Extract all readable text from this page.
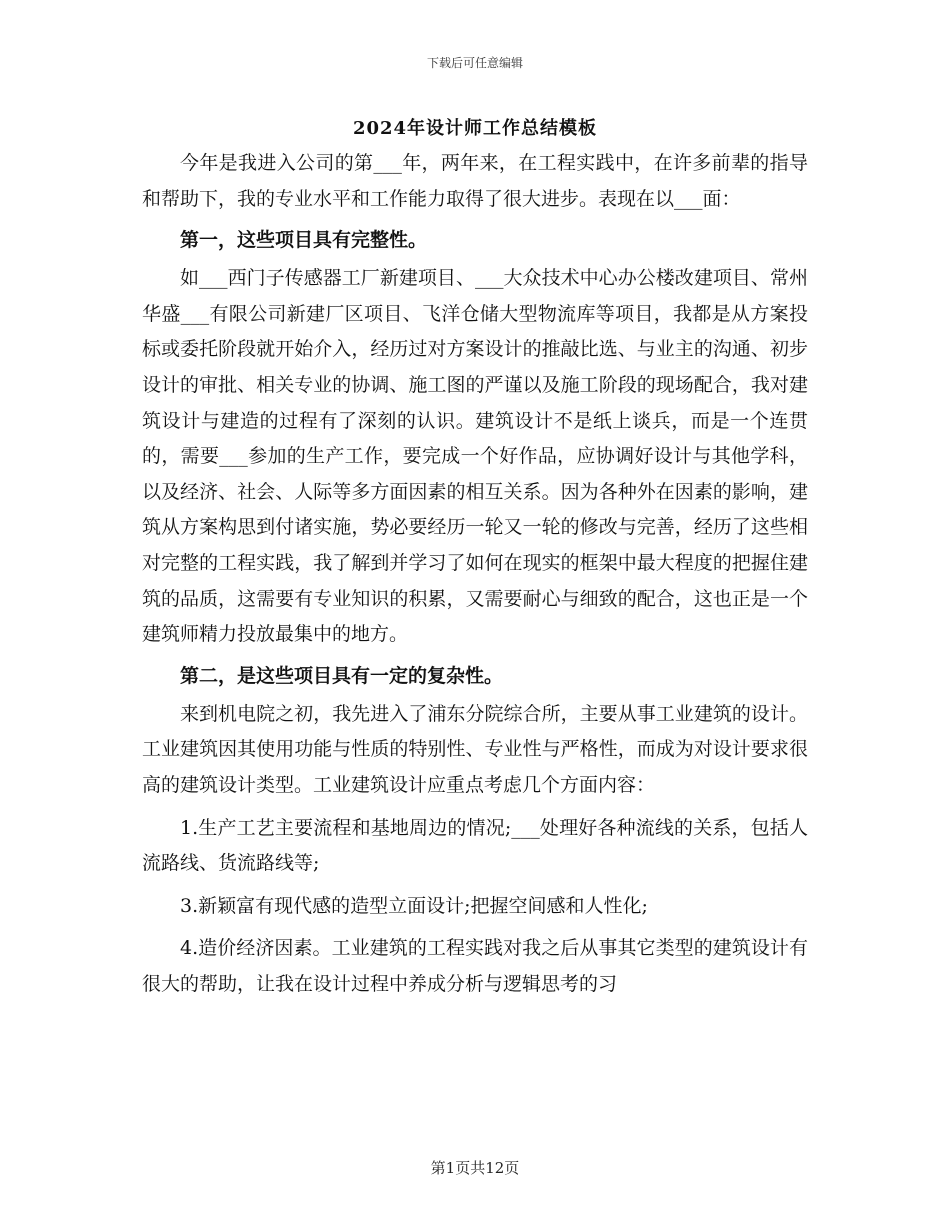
下载后可任意编辑
2024年设计师工作总结模板

今年是我进入公司的第___年，两年来，在工程实践中，在许多前辈的指导和帮助下，我的专业水平和工作能力取得了很大进步。表现在以___面：

第一，这些项目具有完整性。

如___西门子传感器工厂新建项目、___大众技术中心办公楼改建项目、常州华盛___有限公司新建厂区项目、飞洋仓储大型物流库等项目，我都是从方案投标或委托阶段就开始介入，经历过对方案设计的推敲比选、与业主的沟通、初步设计的审批、相关专业的协调、施工图的严谨以及施工阶段的现场配合，我对建筑设计与建造的过程有了深刻的认识。建筑设计不是纸上谈兵，而是一个连贯的，需要___参加的生产工作，要完成一个好作品，应协调好设计与其他学科，以及经济、社会、人际等多方面因素的相互关系。因为各种外在因素的影响，建筑从方案构思到付诸实施，势必要经历一轮又一轮的修改与完善，经历了这些相对完整的工程实践，我了解到并学习了如何在现实的框架中最大程度的把握住建筑的品质，这需要有专业知识的积累，又需要耐心与细致的配合，这也正是一个建筑师精力投放最集中的地方。

第二，是这些项目具有一定的复杂性。

来到机电院之初，我先进入了浦东分院综合所，主要从事工业建筑的设计。工业建筑因其使用功能与性质的特别性、专业性与严格性，而成为对设计要求很高的建筑设计类型。工业建筑设计应重点考虑几个方面内容：

1.生产工艺主要流程和基地周边的情况;___处理好各种流线的关系，包括人流路线、货流路线等;

3.新颖富有现代感的造型立面设计;把握空间感和人性化;

4.造价经济因素。工业建筑的工程实践对我之后从事其它类型的建筑设计有很大的帮助，让我在设计过程中养成分析与逻辑思考的习

第1页共12页
